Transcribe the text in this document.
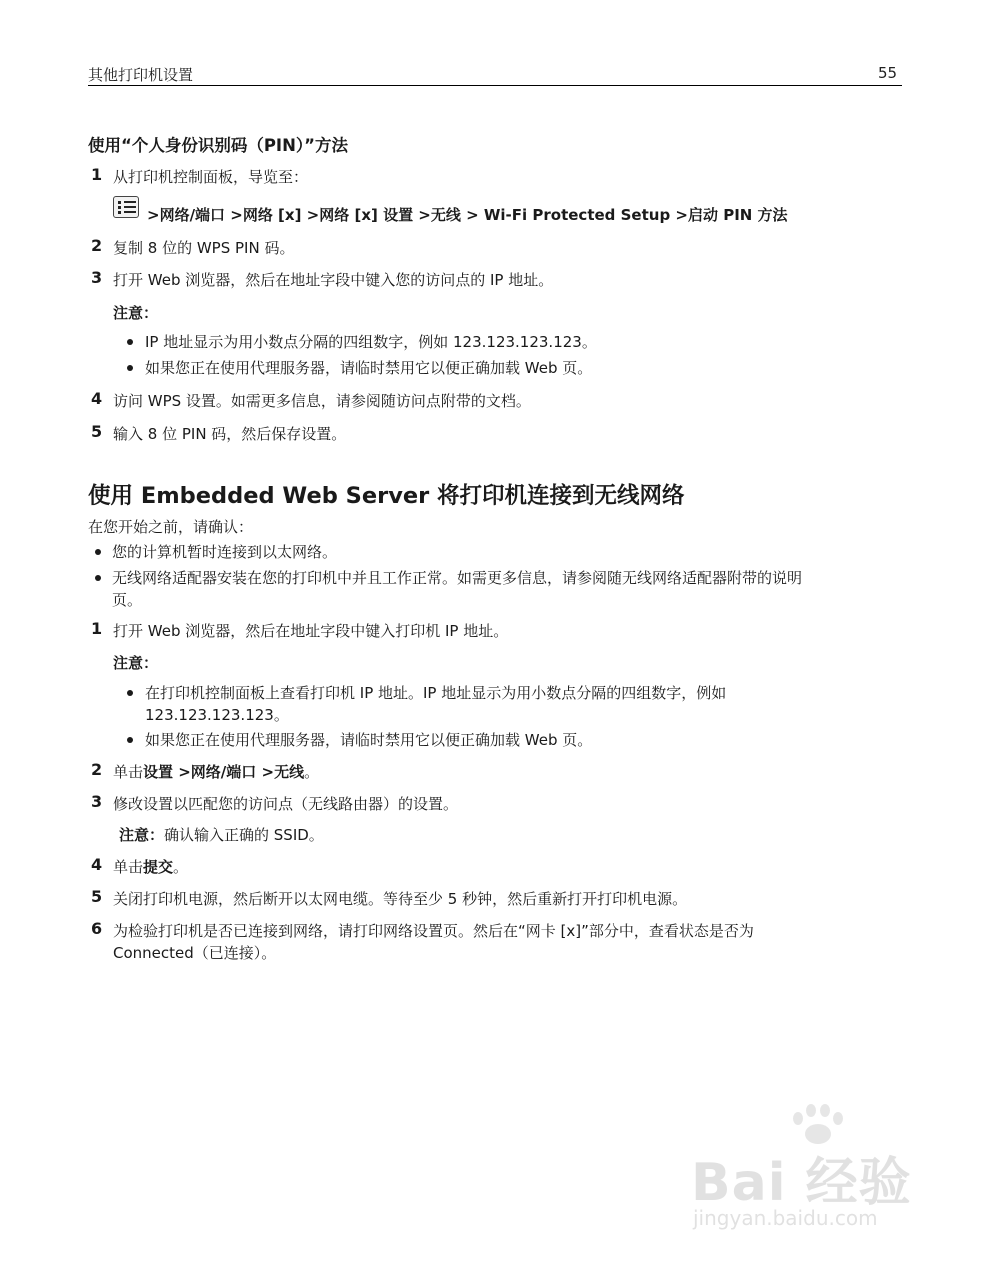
其他打印机设置	55
使用“个人身份识别码（PIN）”方法
1 从打印机控制面板，导览至：
>网络/端口 >网络 [x] >网络 [x] 设置 >无线 > Wi-Fi Protected Setup >启动 PIN 方法
2 复制 8 位的 WPS PIN 码。
3 打开 Web 浏览器，然后在地址字段中键入您的访问点的 IP 地址。
注意：
IP 地址显示为用小数点分隔的四组数字，例如 123.123.123.123。
如果您正在使用代理服务器，请临时禁用它以便正确加载 Web 页。
4 访问 WPS 设置。如需更多信息，请参阅随访问点附带的文档。
5 输入 8 位 PIN 码，然后保存设置。
使用 Embedded Web Server 将打印机连接到无线网络
在您开始之前，请确认：
您的计算机暂时连接到以太网络。
无线网络适配器安装在您的打印机中并且工作正常。如需更多信息，请参阅随无线网络适配器附带的说明
页。
1 打开 Web 浏览器，然后在地址字段中键入打印机 IP 地址。
注意：
在打印机控制面板上查看打印机 IP 地址。IP 地址显示为用小数点分隔的四组数字，例如
123.123.123.123。
如果您正在使用代理服务器，请临时禁用它以便正确加载 Web 页。
2 单击设置 >网络/端口 >无线。
3 修改设置以匹配您的访问点（无线路由器）的设置。
注意：确认输入正确的 SSID。
4 单击提交。
5 关闭打印机电源，然后断开以太网电缆。等待至少 5 秒钟，然后重新打开打印机电源。
6 为检验打印机是否已连接到网络，请打印网络设置页。然后在“网卡 [x]”部分中，查看状态是否为
Connected（已连接）。
Bai 经验
jingyan.baidu.com
